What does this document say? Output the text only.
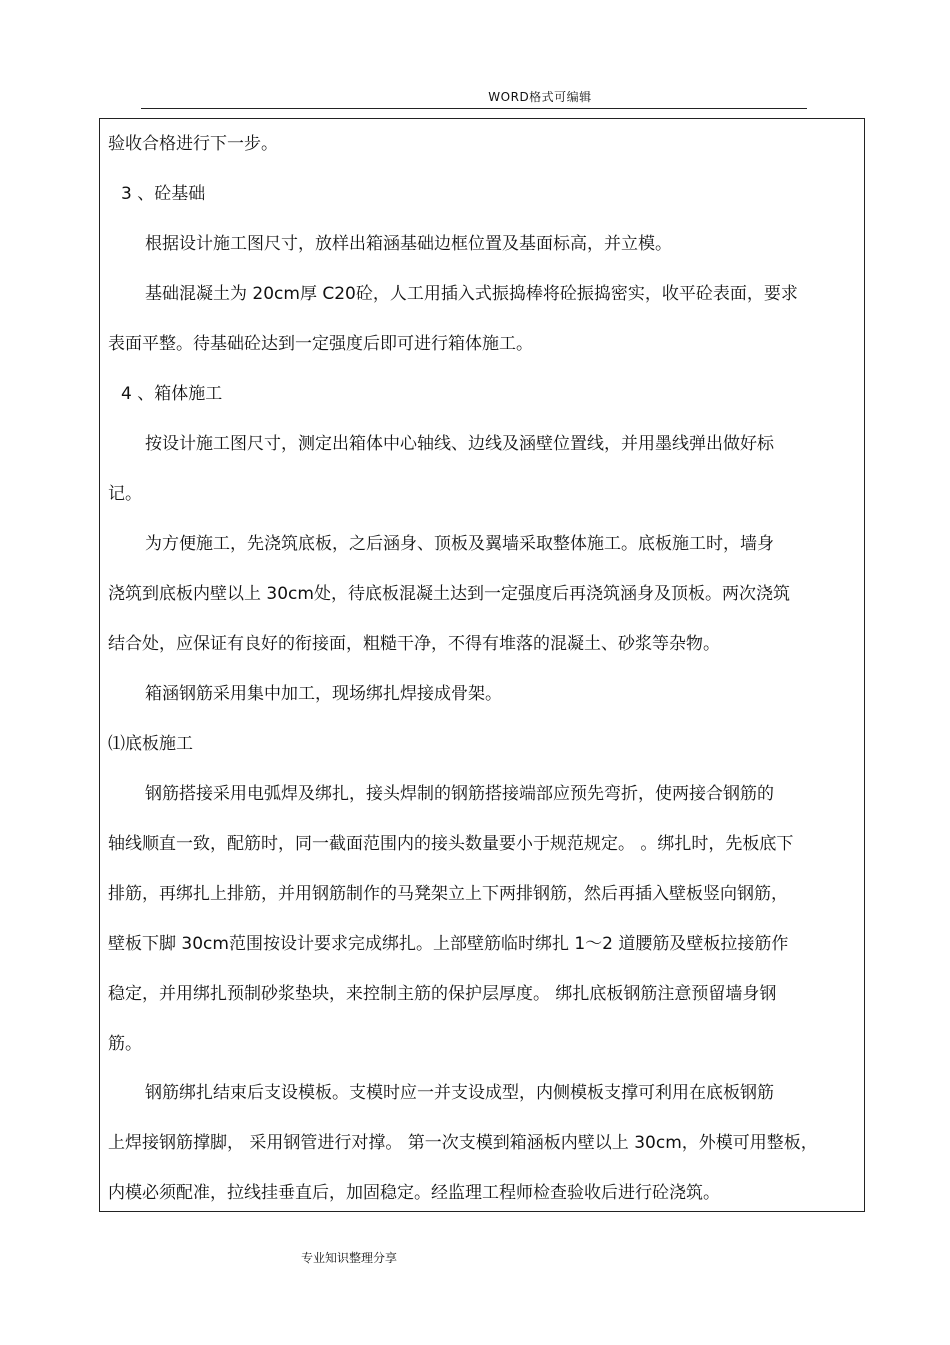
WORD格式可编辑
验收合格进行下一步。
3 、砼基础
根据设计施工图尺寸，放样出箱涵基础边框位置及基面标高，并立模。
基础混凝土为 20cm厚 C20砼，人工用插入式振捣棒将砼振捣密实，收平砼表面，要求
表面平整。待基础砼达到一定强度后即可进行箱体施工。
4 、箱体施工
按设计施工图尺寸，测定出箱体中心轴线、边线及涵壁位置线，并用墨线弹出做好标
记。
为方便施工，先浇筑底板，之后涵身、顶板及翼墙采取整体施工。底板施工时，墙身
浇筑到底板内壁以上 30cm处，待底板混凝土达到一定强度后再浇筑涵身及顶板。两次浇筑
结合处，应保证有良好的衔接面，粗糙干净，不得有堆落的混凝土、砂浆等杂物。
箱涵钢筋采用集中加工，现场绑扎焊接成骨架。
⑴底板施工
钢筋搭接采用电弧焊及绑扎，接头焊制的钢筋搭接端部应预先弯折，使两接合钢筋的
轴线顺直一致，配筋时，同一截面范围内的接头数量要小于规范规定。 。绑扎时，先板底下
排筋，再绑扎上排筋，并用钢筋制作的马凳架立上下两排钢筋，然后再插入壁板竖向钢筋，
壁板下脚 30cm范围按设计要求完成绑扎。上部壁筋临时绑扎 1～2 道腰筋及壁板拉接筋作
稳定，并用绑扎预制砂浆垫块，来控制主筋的保护层厚度。 绑扎底板钢筋注意预留墙身钢
筋。
钢筋绑扎结束后支设模板。支模时应一并支设成型，内侧模板支撑可利用在底板钢筋
上焊接钢筋撑脚， 采用钢管进行对撑。 第一次支模到箱涵板内壁以上 30cm，外模可用整板，
内模必须配准，拉线挂垂直后，加固稳定。经监理工程师检查验收后进行砼浇筑。
专业知识整理分享
